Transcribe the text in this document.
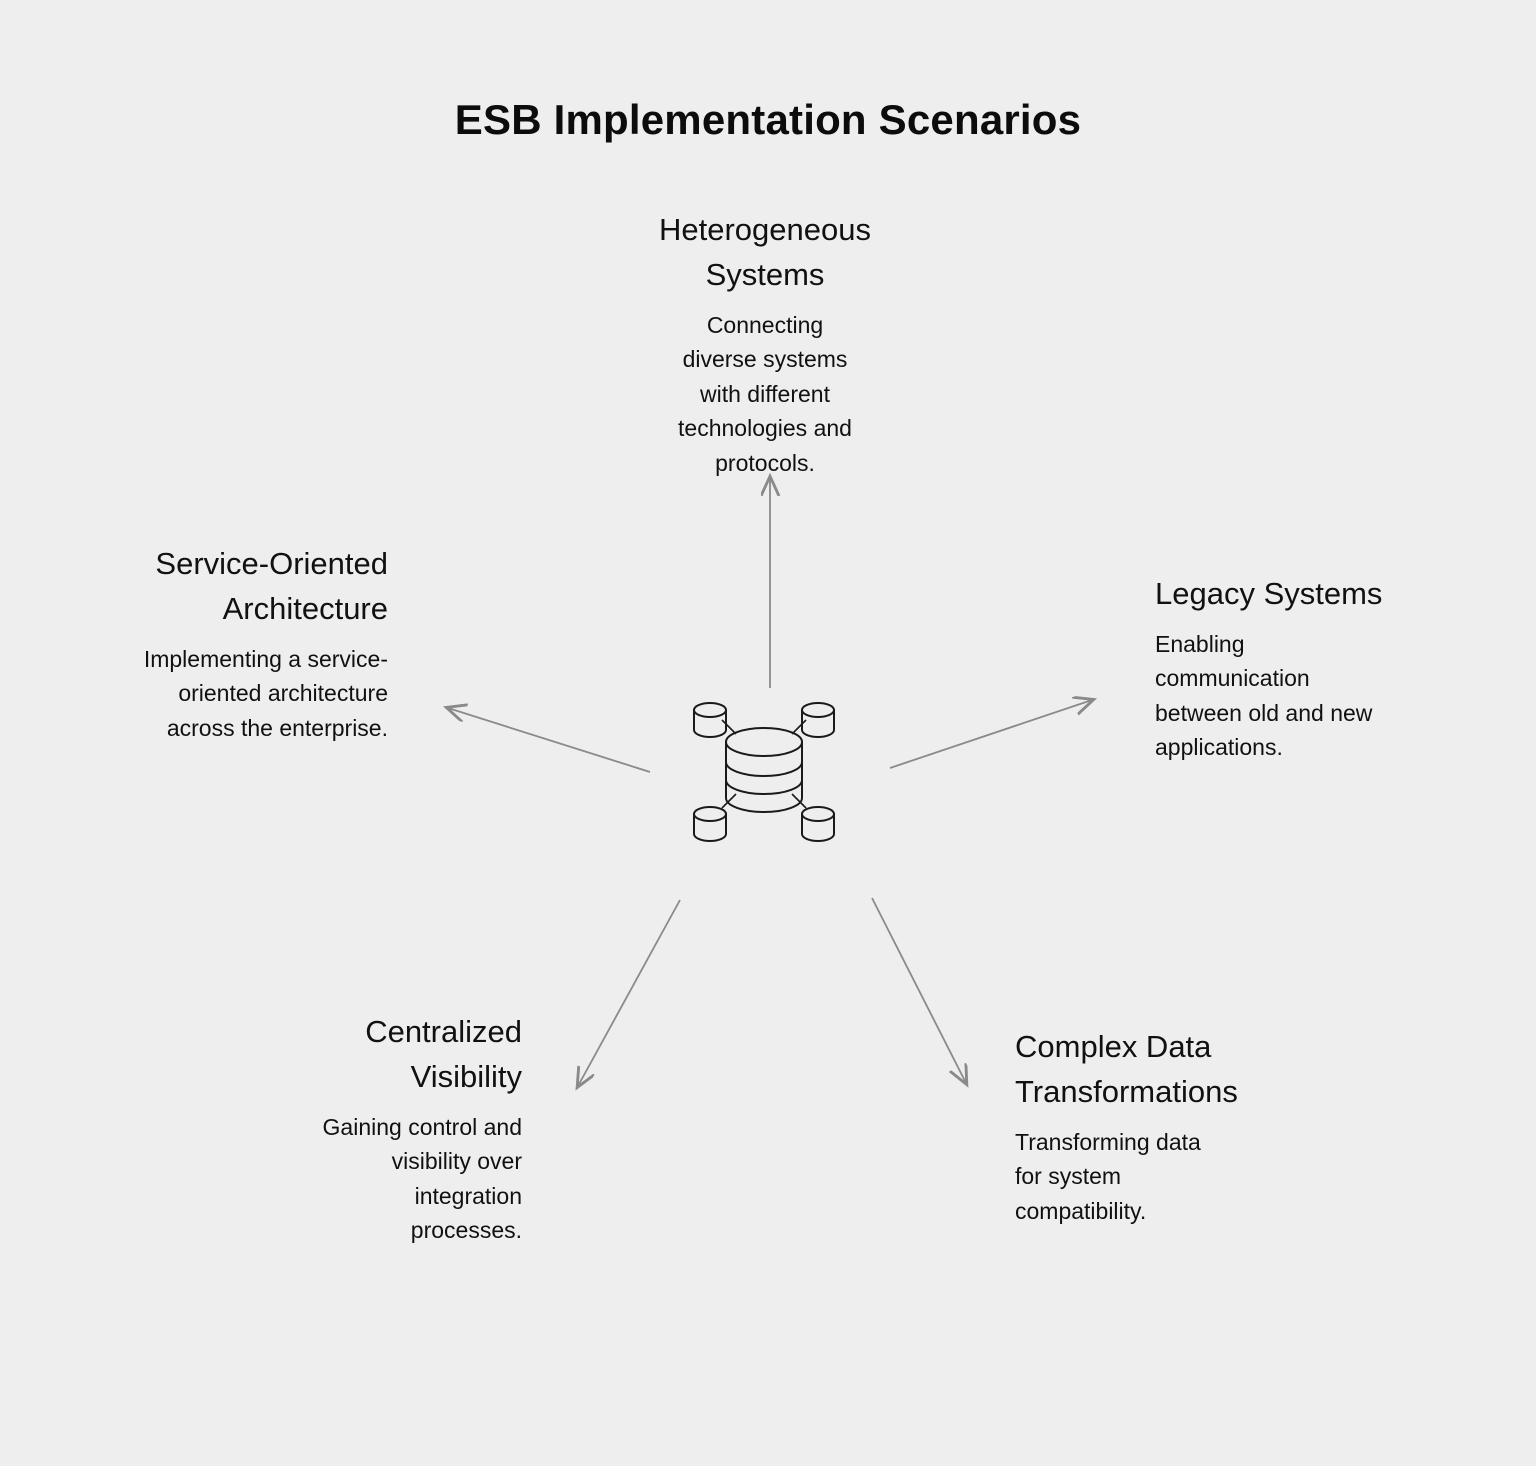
ESB Implementation Scenarios
Heterogeneous Systems
Connecting diverse systems with different technologies and protocols.
Service-Oriented Architecture
Implementing a service-oriented architecture across the enterprise.
Legacy Systems
Enabling communication between old and new applications.
Centralized Visibility
Gaining control and visibility over integration processes.
Complex Data Transformations
Transforming data for system compatibility.
